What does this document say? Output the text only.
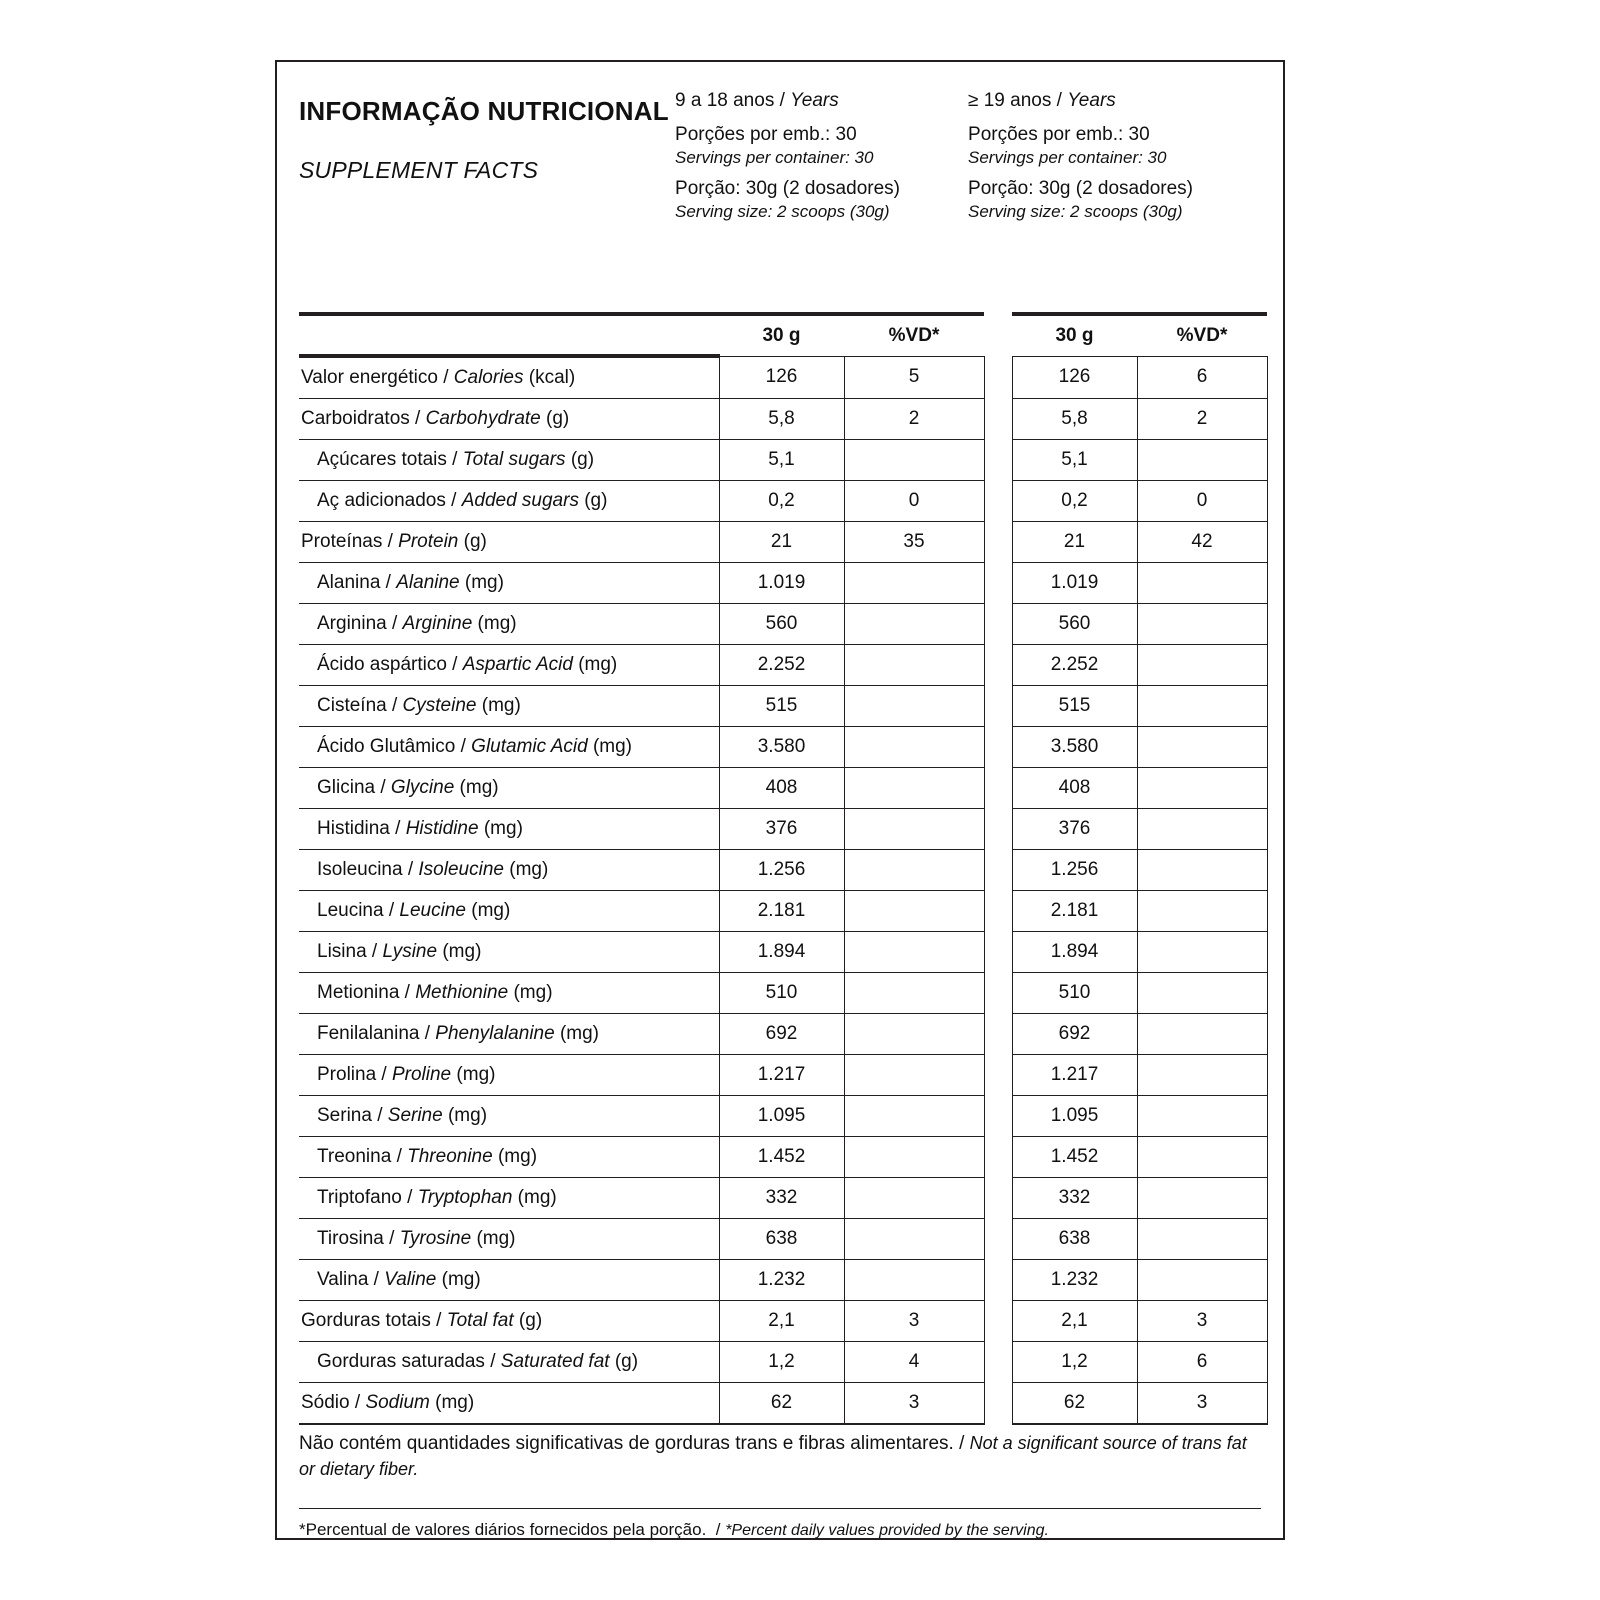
INFORMAÇÃO NUTRICIONAL
SUPPLEMENT FACTS
9 a 18 anos / Years
Porções por emb.: 30
Servings per container: 30
Porção: 30g (2 dosadores)
Serving size: 2 scoops (30g)
≥ 19 anos / Years
Porções por emb.: 30
Servings per container: 30
Porção: 30g (2 dosadores)
Serving size: 2 scoops (30g)
	30 g	%VD*		30 g	%VD*
Valor energético / Calories (kcal)	126	5		126	6
Carboidratos / Carbohydrate (g)	5,8	2		5,8	2
Açúcares totais / Total sugars (g)	5,1			5,1	
Aç adicionados / Added sugars (g)	0,2	0		0,2	0
Proteínas / Protein (g)	21	35		21	42
Alanina / Alanine (mg)	1.019			1.019	
Arginina / Arginine (mg)	560			560	
Ácido aspártico / Aspartic Acid (mg)	2.252			2.252	
Cisteína / Cysteine (mg)	515			515	
Ácido Glutâmico / Glutamic Acid (mg)	3.580			3.580	
Glicina / Glycine (mg)	408			408	
Histidina / Histidine (mg)	376			376	
Isoleucina / Isoleucine (mg)	1.256			1.256	
Leucina / Leucine (mg)	2.181			2.181	
Lisina / Lysine (mg)	1.894			1.894	
Metionina / Methionine (mg)	510			510	
Fenilalanina / Phenylalanine (mg)	692			692	
Prolina / Proline (mg)	1.217			1.217	
Serina / Serine (mg)	1.095			1.095	
Treonina / Threonine (mg)	1.452			1.452	
Triptofano / Tryptophan (mg)	332			332	
Tirosina / Tyrosine (mg)	638			638	
Valina / Valine (mg)	1.232			1.232	
Gorduras totais / Total fat (g)	2,1	3		2,1	3
Gorduras saturadas / Saturated fat (g)	1,2	4		1,2	6
Sódio / Sodium (mg)	62	3		62	3
Não contém quantidades significativas de gorduras trans e fibras alimentares. / Not a significant source of trans fat or dietary fiber.
*Percentual de valores diários fornecidos pela porção.  / *Percent daily values provided by the serving.
